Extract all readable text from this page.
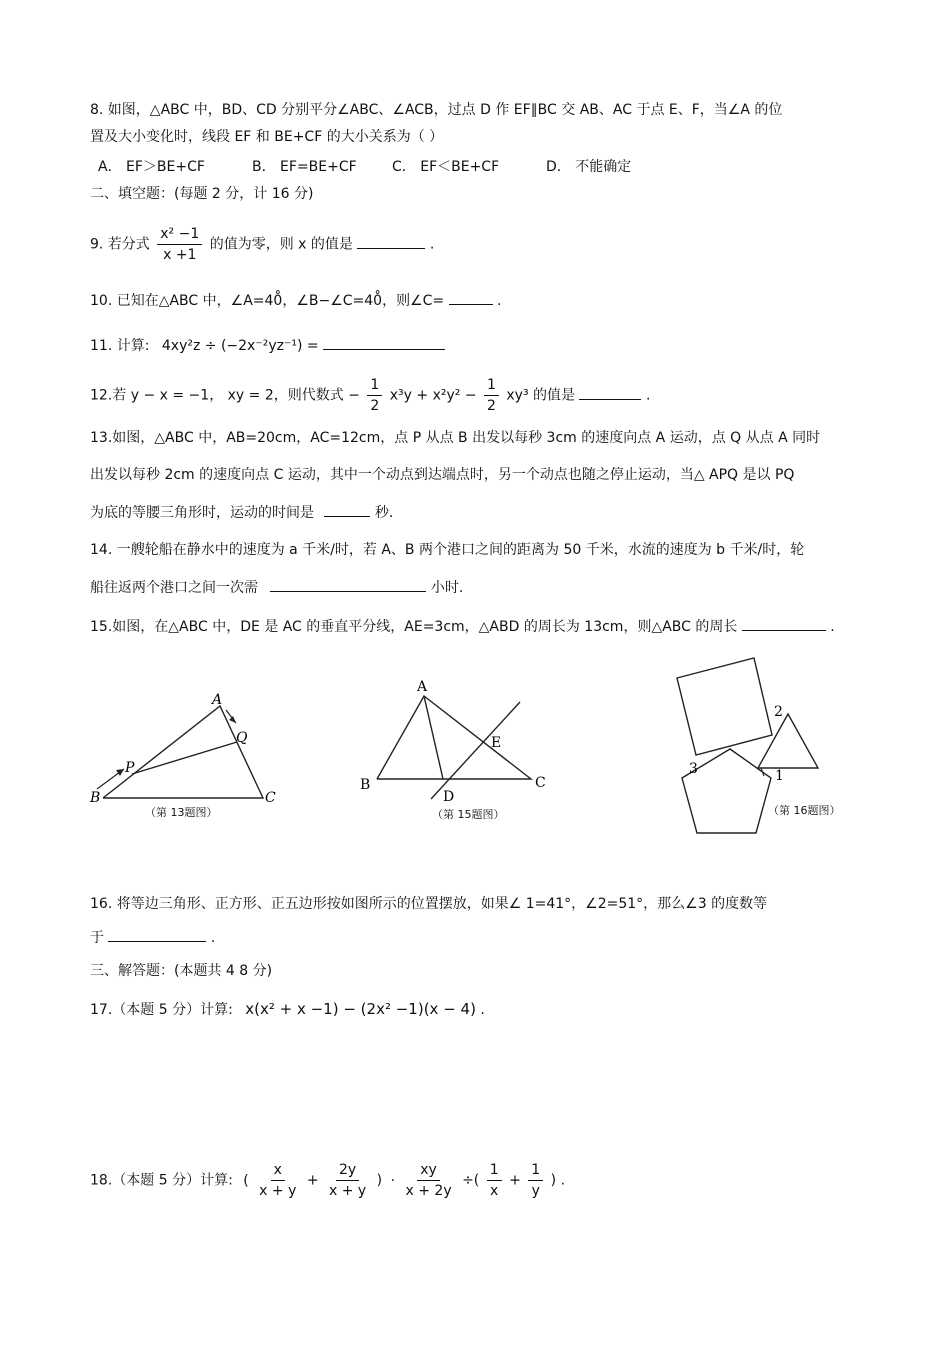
8. 如图，△ABC 中，BD、CD 分别平分∠ABC、∠ACB，过点 D 作 EF∥BC 交 AB、AC 于点 E、F，当∠A 的位
置及大小变化时，线段 EF 和 BE+CF 的大小关系为（ ）
A． EF＞BE+CF	B． EF=BE+CF	C． EF＜BE+CF	D． 不能确定
二、填空题：(每题 2 分，计 16 分)
9. 若分式 $\frac{\text{x² −1}}{x +1}$ 的值为零，则 x 的值是	.
10. 已知在△ABC 中，∠A=40̊，∠B−∠C=40̊，则∠C=	.
11. 计算: 4xy²z ÷ (−2x⁻²yz⁻¹) =
12.若 y − x = −1， xy = 2，则代数式 − $\frac{1}{2} x^3y + x^2y^2 - \frac{1}{2} xy^3$ 的值是	.
13.如图，△ABC 中，AB=20cm，AC=12cm，点 P 从点 B 出发以每秒 3cm 的速度向点 A 运动，点 Q 从点 A 同时
出发以每秒 2cm 的速度向点 C 运动，其中一个动点到达端点时，另一个动点也随之停止运动，当△ APQ 是以 PQ
为底的等腰三角形时，运动的时间是	秒.
14. 一艘轮船在静水中的速度为 a 千米/时，若 A、B 两个港口之间的距离为 50 千米，水流的速度为 b 千米/时，轮
船往返两个港口之间一次需	小时.
15.如图，在△ABC 中，DE 是 AC 的垂直平分线，AE=3cm，△ABD 的周长为 13cm，则△ABC 的周长	.
A
B	C
P
Q
（第 13题图）
A
B	C
D
E
（第 15题图）
2
1
3
（第 16题图）
16. 将等边三角形、正方形、正五边形按如图所示的位置摆放，如果∠ 1=41°，∠2=51°，那么∠3 的度数等
于	.
三、解答题：(本题共 4 8 分)
17.（本题 5 分）计算: x(x² + x −1) − (2x² −1)(x − 4) .
18.（本题 5 分）计算: ( $\frac{x}{x + y} + \frac{2y}{x + y}$ ) · $\frac{xy}{x + 2y}$ ÷( $\frac{1}{x} + \frac{1}{y}$ ) .
